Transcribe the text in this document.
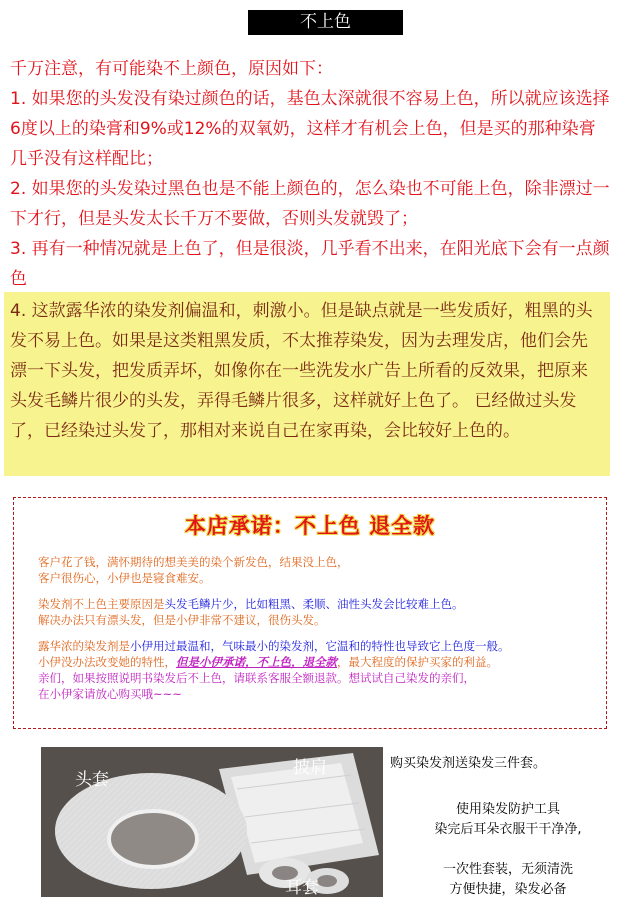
不上色

千万注意，有可能染不上颜色，原因如下：

1. 如果您的头发没有染过颜色的话，基色太深就很不容易上色，所以就应该选择6度以上的染膏和9%或12%的双氧奶，这样才有机会上色，但是买的那种染膏几乎没有这样配比；

2. 如果您的头发染过黑色也是不能上颜色的，怎么染也不可能上色，除非漂过一下才行，但是头发太长千万不要做，否则头发就毁了；

3. 再有一种情况就是上色了，但是很淡，几乎看不出来，在阳光底下会有一点颜色

4. 这款露华浓的染发剂偏温和，刺激小。但是缺点就是一些发质好，粗黑的头发不易上色。如果是这类粗黑发质，不太推荐染发，因为去理发店，他们会先漂一下头发，把发质弄坏，如像你在一些洗发水广告上所看的反效果，把原来头发毛鳞片很少的头发，弄得毛鳞片很多，这样就好上色了。 已经做过头发了，已经染过头发了，那相对来说自己在家再染，会比较好上色的。

本店承诺：不上色 退全款

客户花了钱，满怀期待的想美美的染个新发色，结果没上色，

客户很伤心，小伊也是寝食难安。

染发剂不上色主要原因是头发毛鳞片少，比如粗黑、柔顺、油性头发会比较难上色。

解决办法只有漂头发，但是小伊非常不建议，很伤头发。

露华浓的染发剂是小伊用过最温和，气味最小的染发剂，它温和的特性也导致它上色度一般。

小伊没办法改变她的特性，但是小伊承诺，不上色，退全款，最大程度的保护买家的利益。

亲们，如果按照说明书染发后不上色，请联系客服全额退款。想试试自己染发的亲们，

在小伊家请放心购买哦~~~

头套
披肩
耳套
购买染发剂送染发三件套。
使用染发防护工具
染完后耳朵衣服干干净净,
一次性套装，无须清洗
方便快捷，染发必备
